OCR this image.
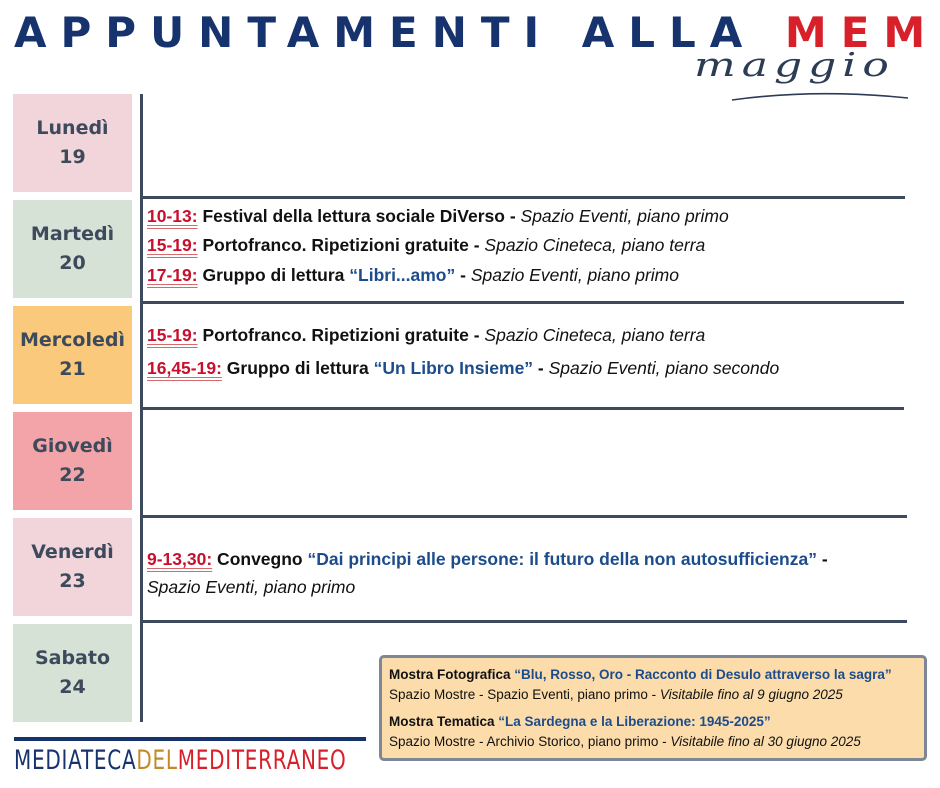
APPUNTAMENTI ALLA MEM
maggio
Lunedì
19
Martedì
20
Mercoledì
21
Giovedì
22
Venerdì
23
Sabato
24
10-13: Festival della lettura sociale DiVerso - Spazio Eventi, piano primo
15-19: Portofranco. Ripetizioni gratuite - Spazio Cineteca, piano terra
17-19: Gruppo di lettura “Libri...amo” - Spazio Eventi, piano primo
15-19: Portofranco. Ripetizioni gratuite - Spazio Cineteca, piano terra
16,45-19: Gruppo di lettura “Un Libro Insieme” - Spazio Eventi, piano secondo
9-13,30: Convegno “Dai principi alle persone: il futuro della non autosufficienza” -
Spazio Eventi, piano primo
Mostra Fotografica “Blu, Rosso, Oro - Racconto di Desulo attraverso la sagra”
Spazio Mostre - Spazio Eventi, piano primo - Visitabile fino al 9 giugno 2025
Mostra Tematica “La Sardegna e la Liberazione: 1945-2025”
Spazio Mostre - Archivio Storico, piano primo - Visitabile fino al 30 giugno 2025
MEDIATECADELMEDITERRANEO
